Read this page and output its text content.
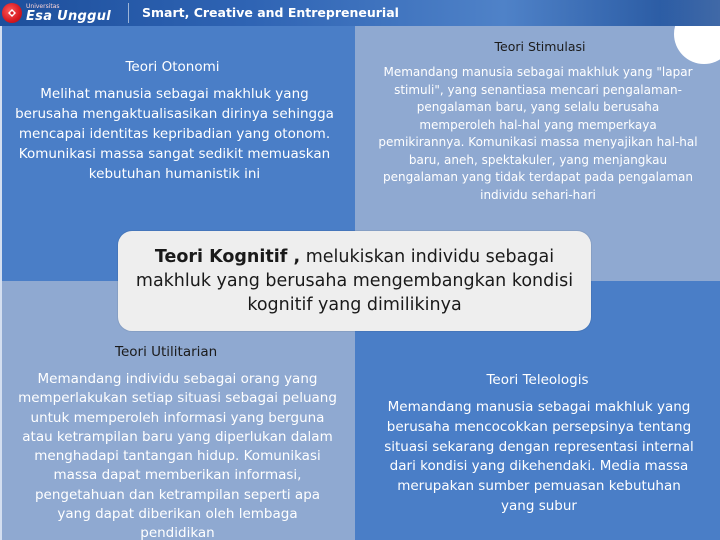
Universitas
Esa Unggul Smart, Creative and Entrepreneurial
Teori Otonomi
Melihat manusia sebagai makhluk yang
berusaha mengaktualisasikan dirinya sehingga
mencapai identitas kepribadian yang otonom.
Komunikasi massa sangat sedikit memuaskan
kebutuhan humanistik ini
Teori Stimulasi
Memandang manusia sebagai makhluk yang "lapar
stimuli", yang senantiasa mencari pengalaman-
pengalaman baru, yang selalu berusaha
memperoleh hal-hal yang memperkaya
pemikirannya. Komunikasi massa menyajikan hal-hal
baru, aneh, spektakuler, yang menjangkau
pengalaman yang tidak terdapat pada pengalaman
individu sehari-hari
Teori Utilitarian
Memandang individu sebagai orang yang
memperlakukan setiap situasi sebagai peluang
untuk memperoleh informasi yang berguna
atau ketrampilan baru yang diperlukan dalam
menghadapi tantangan hidup. Komunikasi
massa dapat memberikan informasi,
pengetahuan dan ketrampilan seperti apa
yang dapat diberikan oleh lembaga
pendidikan
Teori Teleologis
Memandang manusia sebagai makhluk yang
berusaha mencocokkan persepsinya tentang
situasi sekarang dengan representasi internal
dari kondisi yang dikehendaki. Media massa
merupakan sumber pemuasan kebutuhan
yang subur
Teori Kognitif , melukiskan individu sebagai makhluk yang berusaha mengembangkan kondisi kognitif yang dimilikinya
